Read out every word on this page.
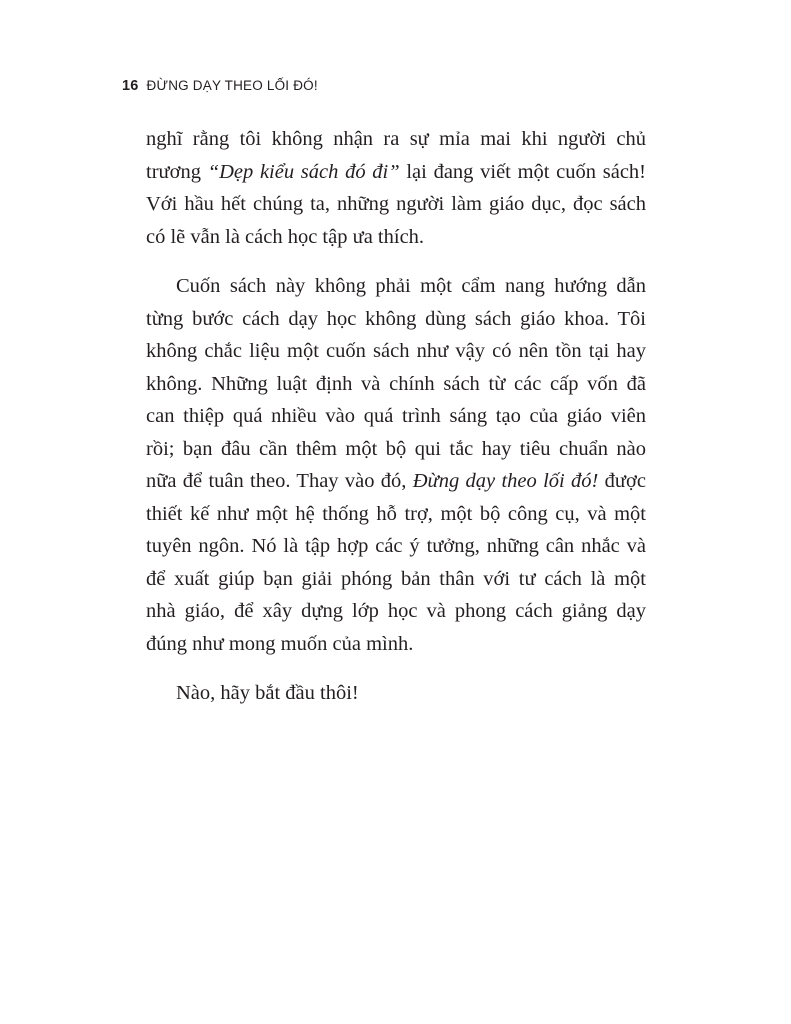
16 ĐỪNG DẠY THEO LỐI ĐÓ!
nghĩ rằng tôi không nhận ra sự mỉa mai khi người chủ
trương “Dẹp kiểu sách đó đi” lại đang viết một cuốn sách!
Với hầu hết chúng ta, những người làm giáo dục, đọc sách
có lẽ vẫn là cách học tập ưa thích.
Cuốn sách này không phải một cẩm nang hướng dẫn
từng bước cách dạy học không dùng sách giáo khoa. Tôi
không chắc liệu một cuốn sách như vậy có nên tồn tại hay
không. Những luật định và chính sách từ các cấp vốn đã
can thiệp quá nhiều vào quá trình sáng tạo của giáo viên
rồi; bạn đâu cần thêm một bộ qui tắc hay tiêu chuẩn nào
nữa để tuân theo. Thay vào đó, Đừng dạy theo lối đó! được
thiết kế như một hệ thống hỗ trợ, một bộ công cụ, và một
tuyên ngôn. Nó là tập hợp các ý tưởng, những cân nhắc và
để xuất giúp bạn giải phóng bản thân với tư cách là một
nhà giáo, để xây dựng lớp học và phong cách giảng dạy
đúng như mong muốn của mình.
Nào, hãy bắt đầu thôi!
